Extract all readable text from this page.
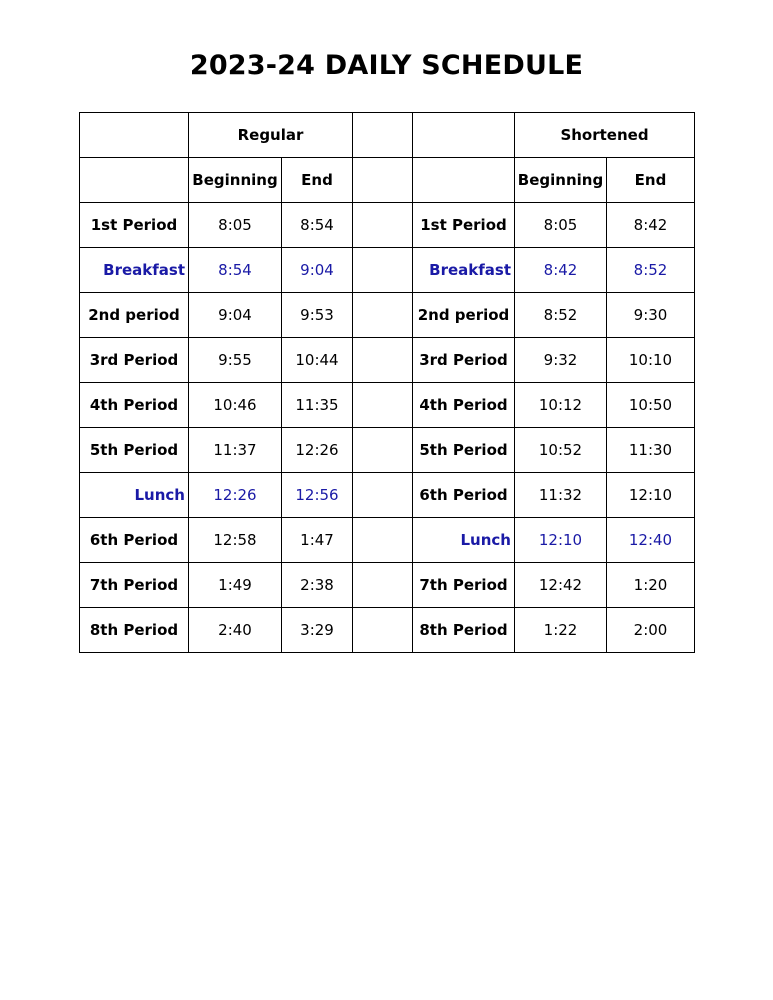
2023-24 DAILY SCHEDULE
	Regular				Shortened	
	Beginning	End			Beginning	End
1st Period	8:05	8:54		1st Period	8:05	8:42
Breakfast	8:54	9:04		Breakfast	8:42	8:52
2nd period	9:04	9:53		2nd period	8:52	9:30
3rd Period	9:55	10:44		3rd Period	9:32	10:10
4th Period	10:46	11:35		4th Period	10:12	10:50
5th Period	11:37	12:26		5th Period	10:52	11:30
Lunch	12:26	12:56		6th Period	11:32	12:10
6th Period	12:58	1:47		Lunch	12:10	12:40
7th Period	1:49	2:38		7th Period	12:42	1:20
8th Period	2:40	3:29		8th Period	1:22	2:00
